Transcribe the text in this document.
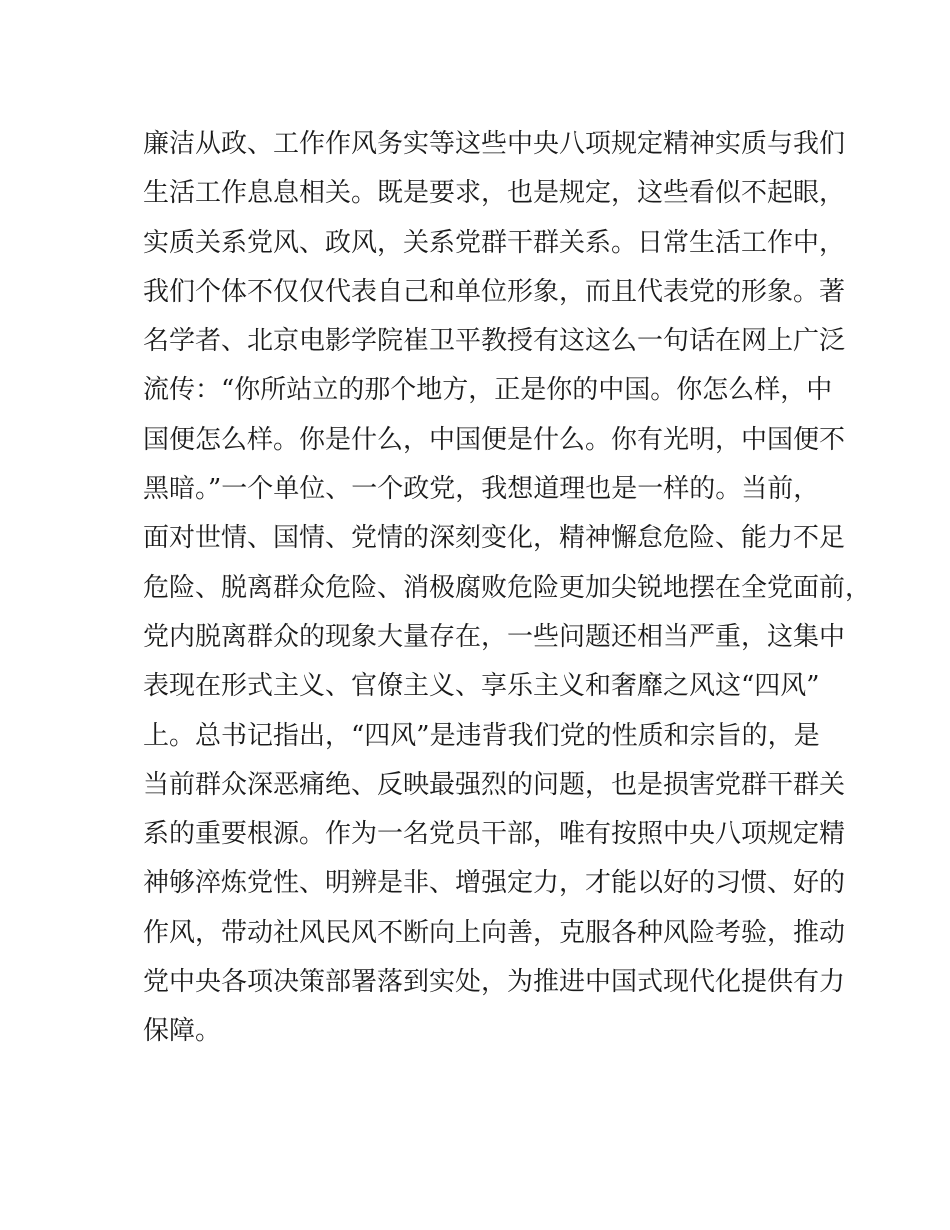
廉洁从政、工作作风务实等这些中央八项规定精神实质与我们
生活工作息息相关。既是要求，也是规定，这些看似不起眼，
实质关系党风、政风，关系党群干群关系。日常生活工作中，
我们个体不仅仅代表自己和单位形象，而且代表党的形象。著
名学者、北京电影学院崔卫平教授有这这么一句话在网上广泛
流传：“你所站立的那个地方，正是你的中国。你怎么样，中
国便怎么样。你是什么，中国便是什么。你有光明，中国便不
黑暗。”一个单位、一个政党，我想道理也是一样的。当前，
面对世情、国情、党情的深刻变化，精神懈怠危险、能力不足
危险、脱离群众危险、消极腐败危险更加尖锐地摆在全党面前，
党内脱离群众的现象大量存在，一些问题还相当严重，这集中
表现在形式主义、官僚主义、享乐主义和奢靡之风这“四风”
上。总书记指出，“四风”是违背我们党的性质和宗旨的，是
当前群众深恶痛绝、反映最强烈的问题，也是损害党群干群关
系的重要根源。作为一名党员干部，唯有按照中央八项规定精
神够淬炼党性、明辨是非、增强定力，才能以好的习惯、好的
作风，带动社风民风不断向上向善，克服各种风险考验，推动
党中央各项决策部署落到实处，为推进中国式现代化提供有力
保障。
